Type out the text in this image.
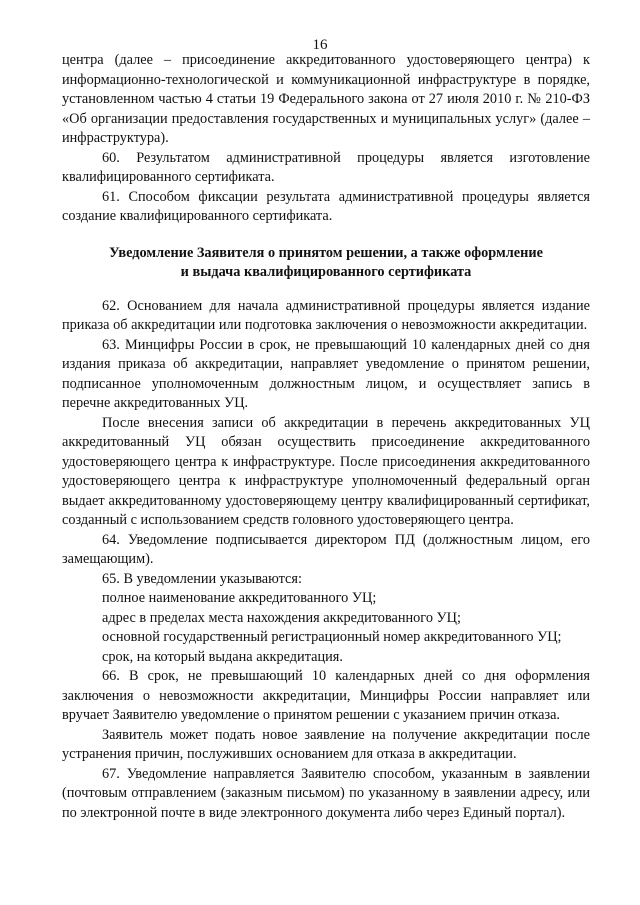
16

центра (далее – присоединение аккредитованного удостоверяющего центра) к информационно-технологической и коммуникационной инфраструктуре в порядке, установленном частью 4 статьи 19 Федерального закона от 27 июля 2010 г. № 210-ФЗ «Об организации предоставления государственных и муниципальных услуг» (далее – инфраструктура).

60. Результатом административной процедуры является изготовление квалифицированного сертификата.

61. Способом фиксации результата административной процедуры является создание квалифицированного сертификата.

Уведомление Заявителя о принятом решении, а также оформление
и выдача квалифицированного сертификата

62. Основанием для начала административной процедуры является издание приказа об аккредитации или подготовка заключения о невозможности аккредитации.

63. Минцифры России в срок, не превышающий 10 календарных дней со дня издания приказа об аккредитации, направляет уведомление о принятом решении, подписанное уполномоченным должностным лицом, и осуществляет запись в перечне аккредитованных УЦ.

После внесения записи об аккредитации в перечень аккредитованных УЦ аккредитованный УЦ обязан осуществить присоединение аккредитованного удостоверяющего центра к инфраструктуре. После присоединения аккредитованного удостоверяющего центра к инфраструктуре уполномоченный федеральный орган выдает аккредитованному удостоверяющему центру квалифицированный сертификат, созданный с использованием средств головного удостоверяющего центра.

64. Уведомление подписывается директором ПД (должностным лицом, его замещающим).

65. В уведомлении указываются:

полное наименование аккредитованного УЦ;

адрес в пределах места нахождения аккредитованного УЦ;

основной государственный регистрационный номер аккредитованного УЦ;

срок, на который выдана аккредитация.

66. В срок, не превышающий 10 календарных дней со дня оформления заключения о невозможности аккредитации, Минцифры России направляет или вручает Заявителю уведомление о принятом решении с указанием причин отказа.

Заявитель может подать новое заявление на получение аккредитации после устранения причин, послуживших основанием для отказа в аккредитации.

67. Уведомление направляется Заявителю способом, указанным в заявлении (почтовым отправлением (заказным письмом) по указанному в заявлении адресу, или по электронной почте в виде электронного документа либо через Единый портал).
